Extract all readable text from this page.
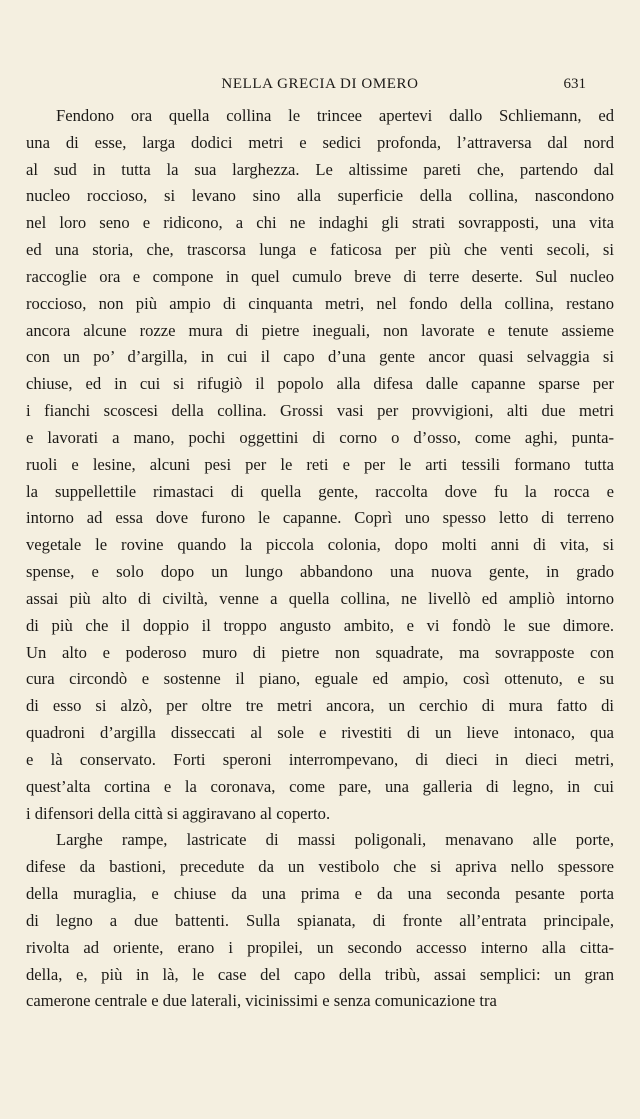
NELLA GRECIA DI OMERO	631
Fendono ora quella collina le trincee apertevi dallo Schliemann, ed
una di esse, larga dodici metri e sedici profonda, l’attraversa dal nord
al sud in tutta la sua larghezza. Le altissime pareti che, partendo dal
nucleo roccioso, si levano sino alla superficie della collina, nascondono
nel loro seno e ridicono, a chi ne indaghi gli strati sovrapposti, una vita
ed una storia, che, trascorsa lunga e faticosa per più che venti secoli, si
raccoglie ora e compone in quel cumulo breve di terre deserte. Sul nucleo
roccioso, non più ampio di cinquanta metri, nel fondo della collina, restano
ancora alcune rozze mura di pietre ineguali, non lavorate e tenute assieme
con un po’ d’argilla, in cui il capo d’una gente ancor quasi selvaggia si
chiuse, ed in cui si rifugiò il popolo alla difesa dalle capanne sparse per
i fianchi scoscesi della collina. Grossi vasi per provvigioni, alti due metri
e lavorati a mano, pochi oggettini di corno o d’osso, come aghi, punta-
ruoli e lesine, alcuni pesi per le reti e per le arti tessili formano tutta
la suppellettile rimastaci di quella gente, raccolta dove fu la rocca e
intorno ad essa dove furono le capanne. Coprì uno spesso letto di terreno
vegetale le rovine quando la piccola colonia, dopo molti anni di vita, si
spense, e solo dopo un lungo abbandono una nuova gente, in grado
assai più alto di civiltà, venne a quella collina, ne livellò ed ampliò intorno
di più che il doppio il troppo angusto ambito, e vi fondò le sue dimore.
Un alto e poderoso muro di pietre non squadrate, ma sovrapposte con
cura circondò e sostenne il piano, eguale ed ampio, così ottenuto, e su
di esso si alzò, per oltre tre metri ancora, un cerchio di mura fatto di
quadroni d’argilla disseccati al sole e rivestiti di un lieve intonaco, qua
e là conservato. Forti speroni interrompevano, di dieci in dieci metri,
quest’alta cortina e la coronava, come pare, una galleria di legno, in cui
i difensori della città si aggiravano al coperto.
Larghe rampe, lastricate di massi poligonali, menavano alle porte,
difese da bastioni, precedute da un vestibolo che si apriva nello spessore
della muraglia, e chiuse da una prima e da una seconda pesante porta
di legno a due battenti. Sulla spianata, di fronte all’entrata principale,
rivolta ad oriente, erano i propilei, un secondo accesso interno alla citta-
della, e, più in là, le case del capo della tribù, assai semplici: un gran
camerone centrale e due laterali, vicinissimi e senza comunicazione tra
